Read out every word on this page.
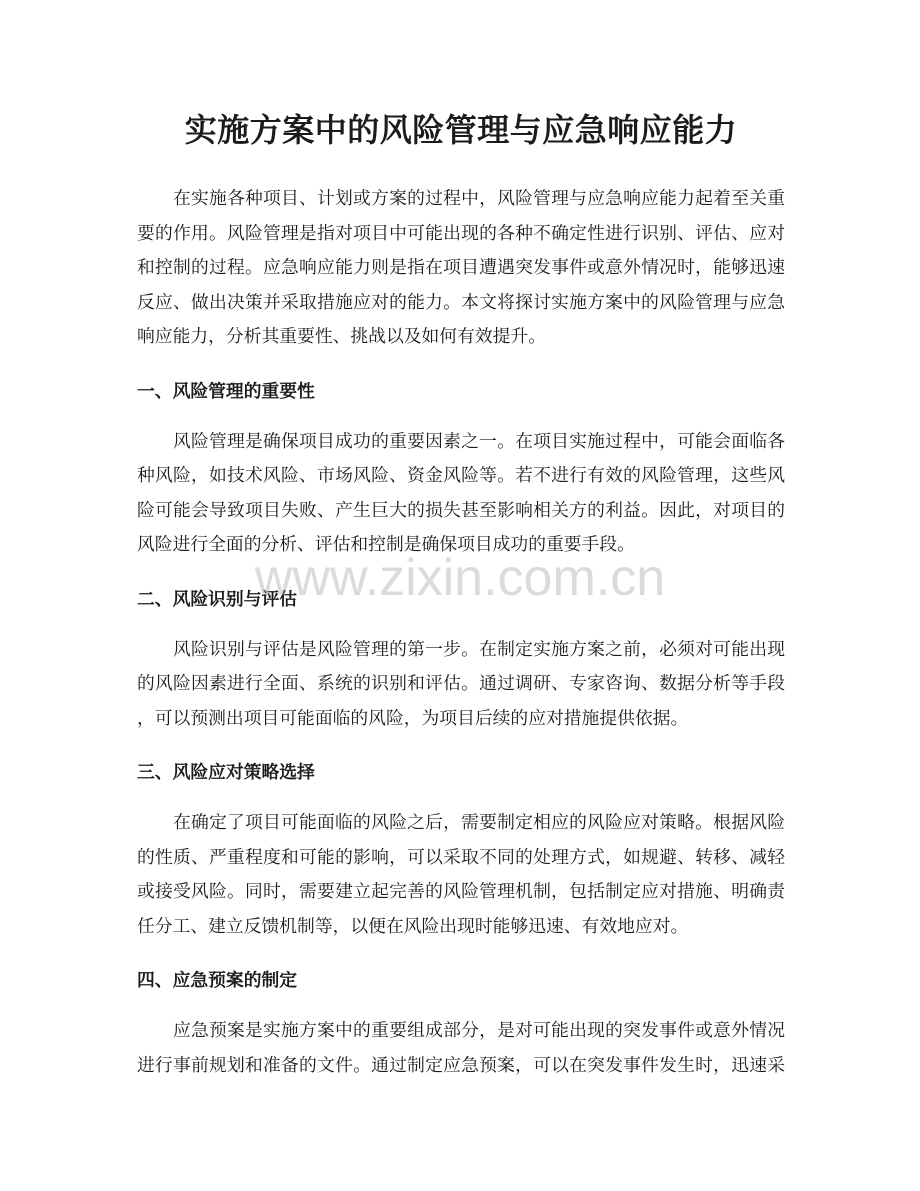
www.zixin.com.cn
实施方案中的风险管理与应急响应能力
在实施各种项目、计划或方案的过程中，风险管理与应急响应能力起着至关重
要的作用。风险管理是指对项目中可能出现的各种不确定性进行识别、评估、应对
和控制的过程。应急响应能力则是指在项目遭遇突发事件或意外情况时，能够迅速
反应、做出决策并采取措施应对的能力。本文将探讨实施方案中的风险管理与应急
响应能力，分析其重要性、挑战以及如何有效提升。
一、风险管理的重要性
风险管理是确保项目成功的重要因素之一。在项目实施过程中，可能会面临各
种风险，如技术风险、市场风险、资金风险等。若不进行有效的风险管理，这些风
险可能会导致项目失败、产生巨大的损失甚至影响相关方的利益。因此，对项目的
风险进行全面的分析、评估和控制是确保项目成功的重要手段。
二、风险识别与评估
风险识别与评估是风险管理的第一步。在制定实施方案之前，必须对可能出现
的风险因素进行全面、系统的识别和评估。通过调研、专家咨询、数据分析等手段
，可以预测出项目可能面临的风险，为项目后续的应对措施提供依据。
三、风险应对策略选择
在确定了项目可能面临的风险之后，需要制定相应的风险应对策略。根据风险
的性质、严重程度和可能的影响，可以采取不同的处理方式，如规避、转移、减轻
或接受风险。同时，需要建立起完善的风险管理机制，包括制定应对措施、明确责
任分工、建立反馈机制等，以便在风险出现时能够迅速、有效地应对。
四、应急预案的制定
应急预案是实施方案中的重要组成部分，是对可能出现的突发事件或意外情况
进行事前规划和准备的文件。通过制定应急预案，可以在突发事件发生时，迅速采
